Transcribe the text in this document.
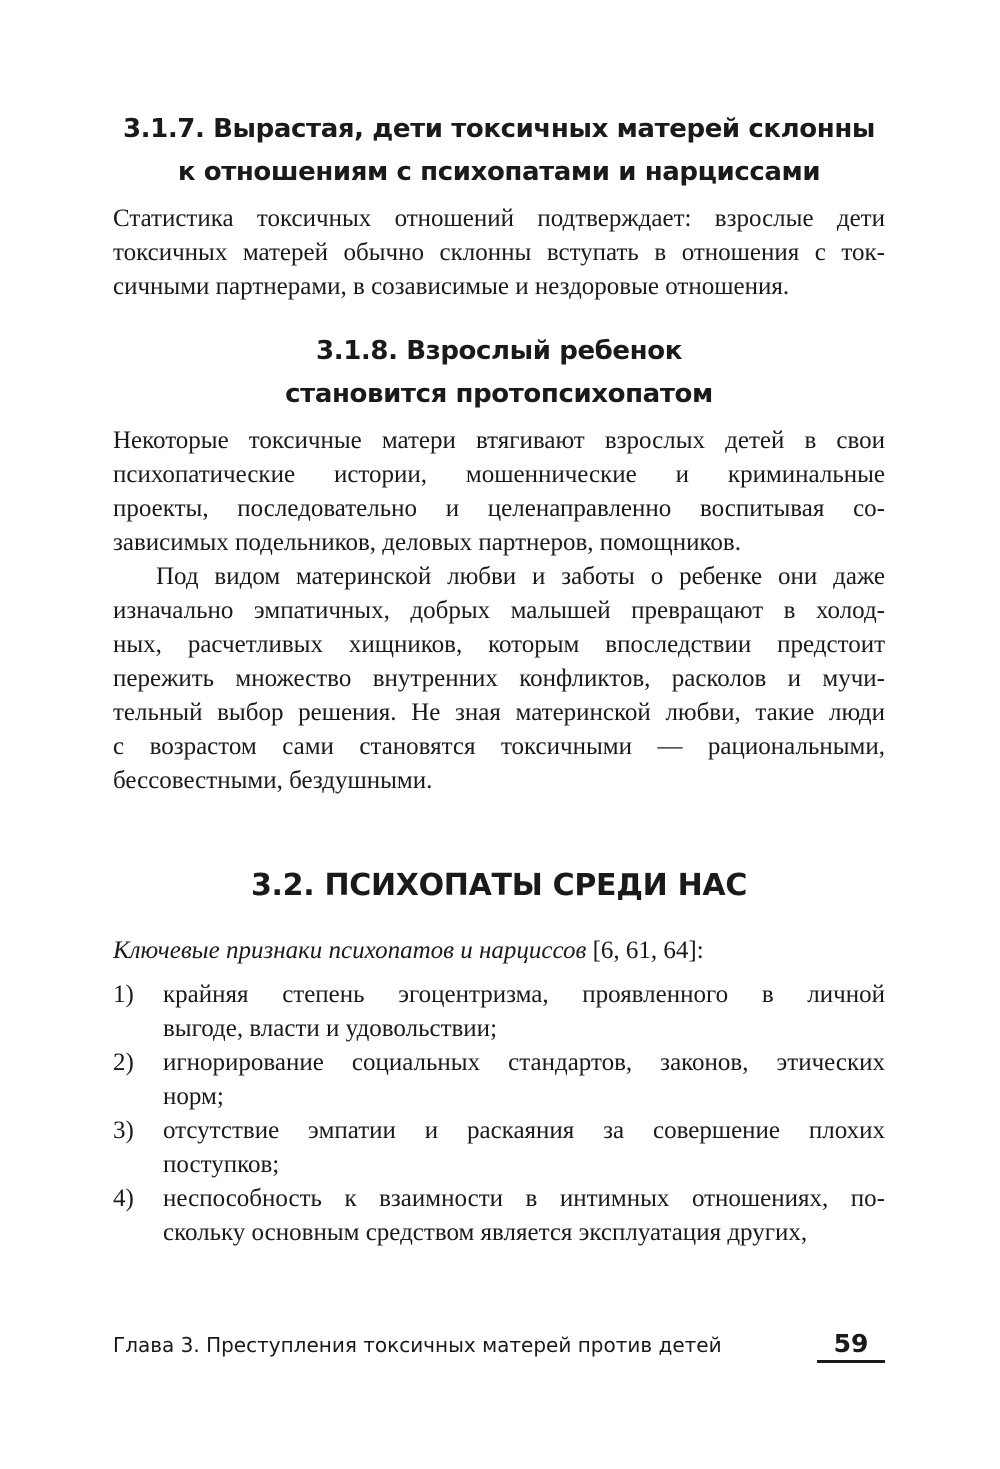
3.1.7. Вырастая, дети токсичных матерей склонны
к отношениям с психопатами и нарциссами

Статистика токсичных отношений подтверждает: взрослые дети
токсичных матерей обычно склонны вступать в отношения с ток-
сичными партнерами, в созависимые и нездоровые отношения.

3.1.8. Взрослый ребенок
становится протопсихопатом

Некоторые токсичные матери втягивают взрослых детей в свои
психопатические истории, мошеннические и криминальные
проекты, последовательно и целенаправленно воспитывая со-
зависимых подельников, деловых партнеров, помощников.

Под видом материнской любви и заботы о ребенке они даже
изначально эмпатичных, добрых малышей превращают в холод-
ных, расчетливых хищников, которым впоследствии предстоит
пережить множество внутренних конфликтов, расколов и мучи-
тельный выбор решения. Не зная материнской любви, такие люди
с возрастом сами становятся токсичными — рациональными,
бессовестными, бездушными.

3.2. ПСИХОПАТЫ СРЕДИ НАС

Ключевые признаки психопатов и нарциссов [6, 61, 64]:

1) крайняя степень эгоцентризма, проявленного в личной
выгоде, власти и удовольствии;
2) игнорирование социальных стандартов, законов, этических
норм;
3) отсутствие эмпатии и раскаяния за совершение плохих
поступков;
4) неспособность к взаимности в интимных отношениях, по-
скольку основным средством является эксплуатация других,
Глава 3. Преступления токсичных матерей против детей	59
